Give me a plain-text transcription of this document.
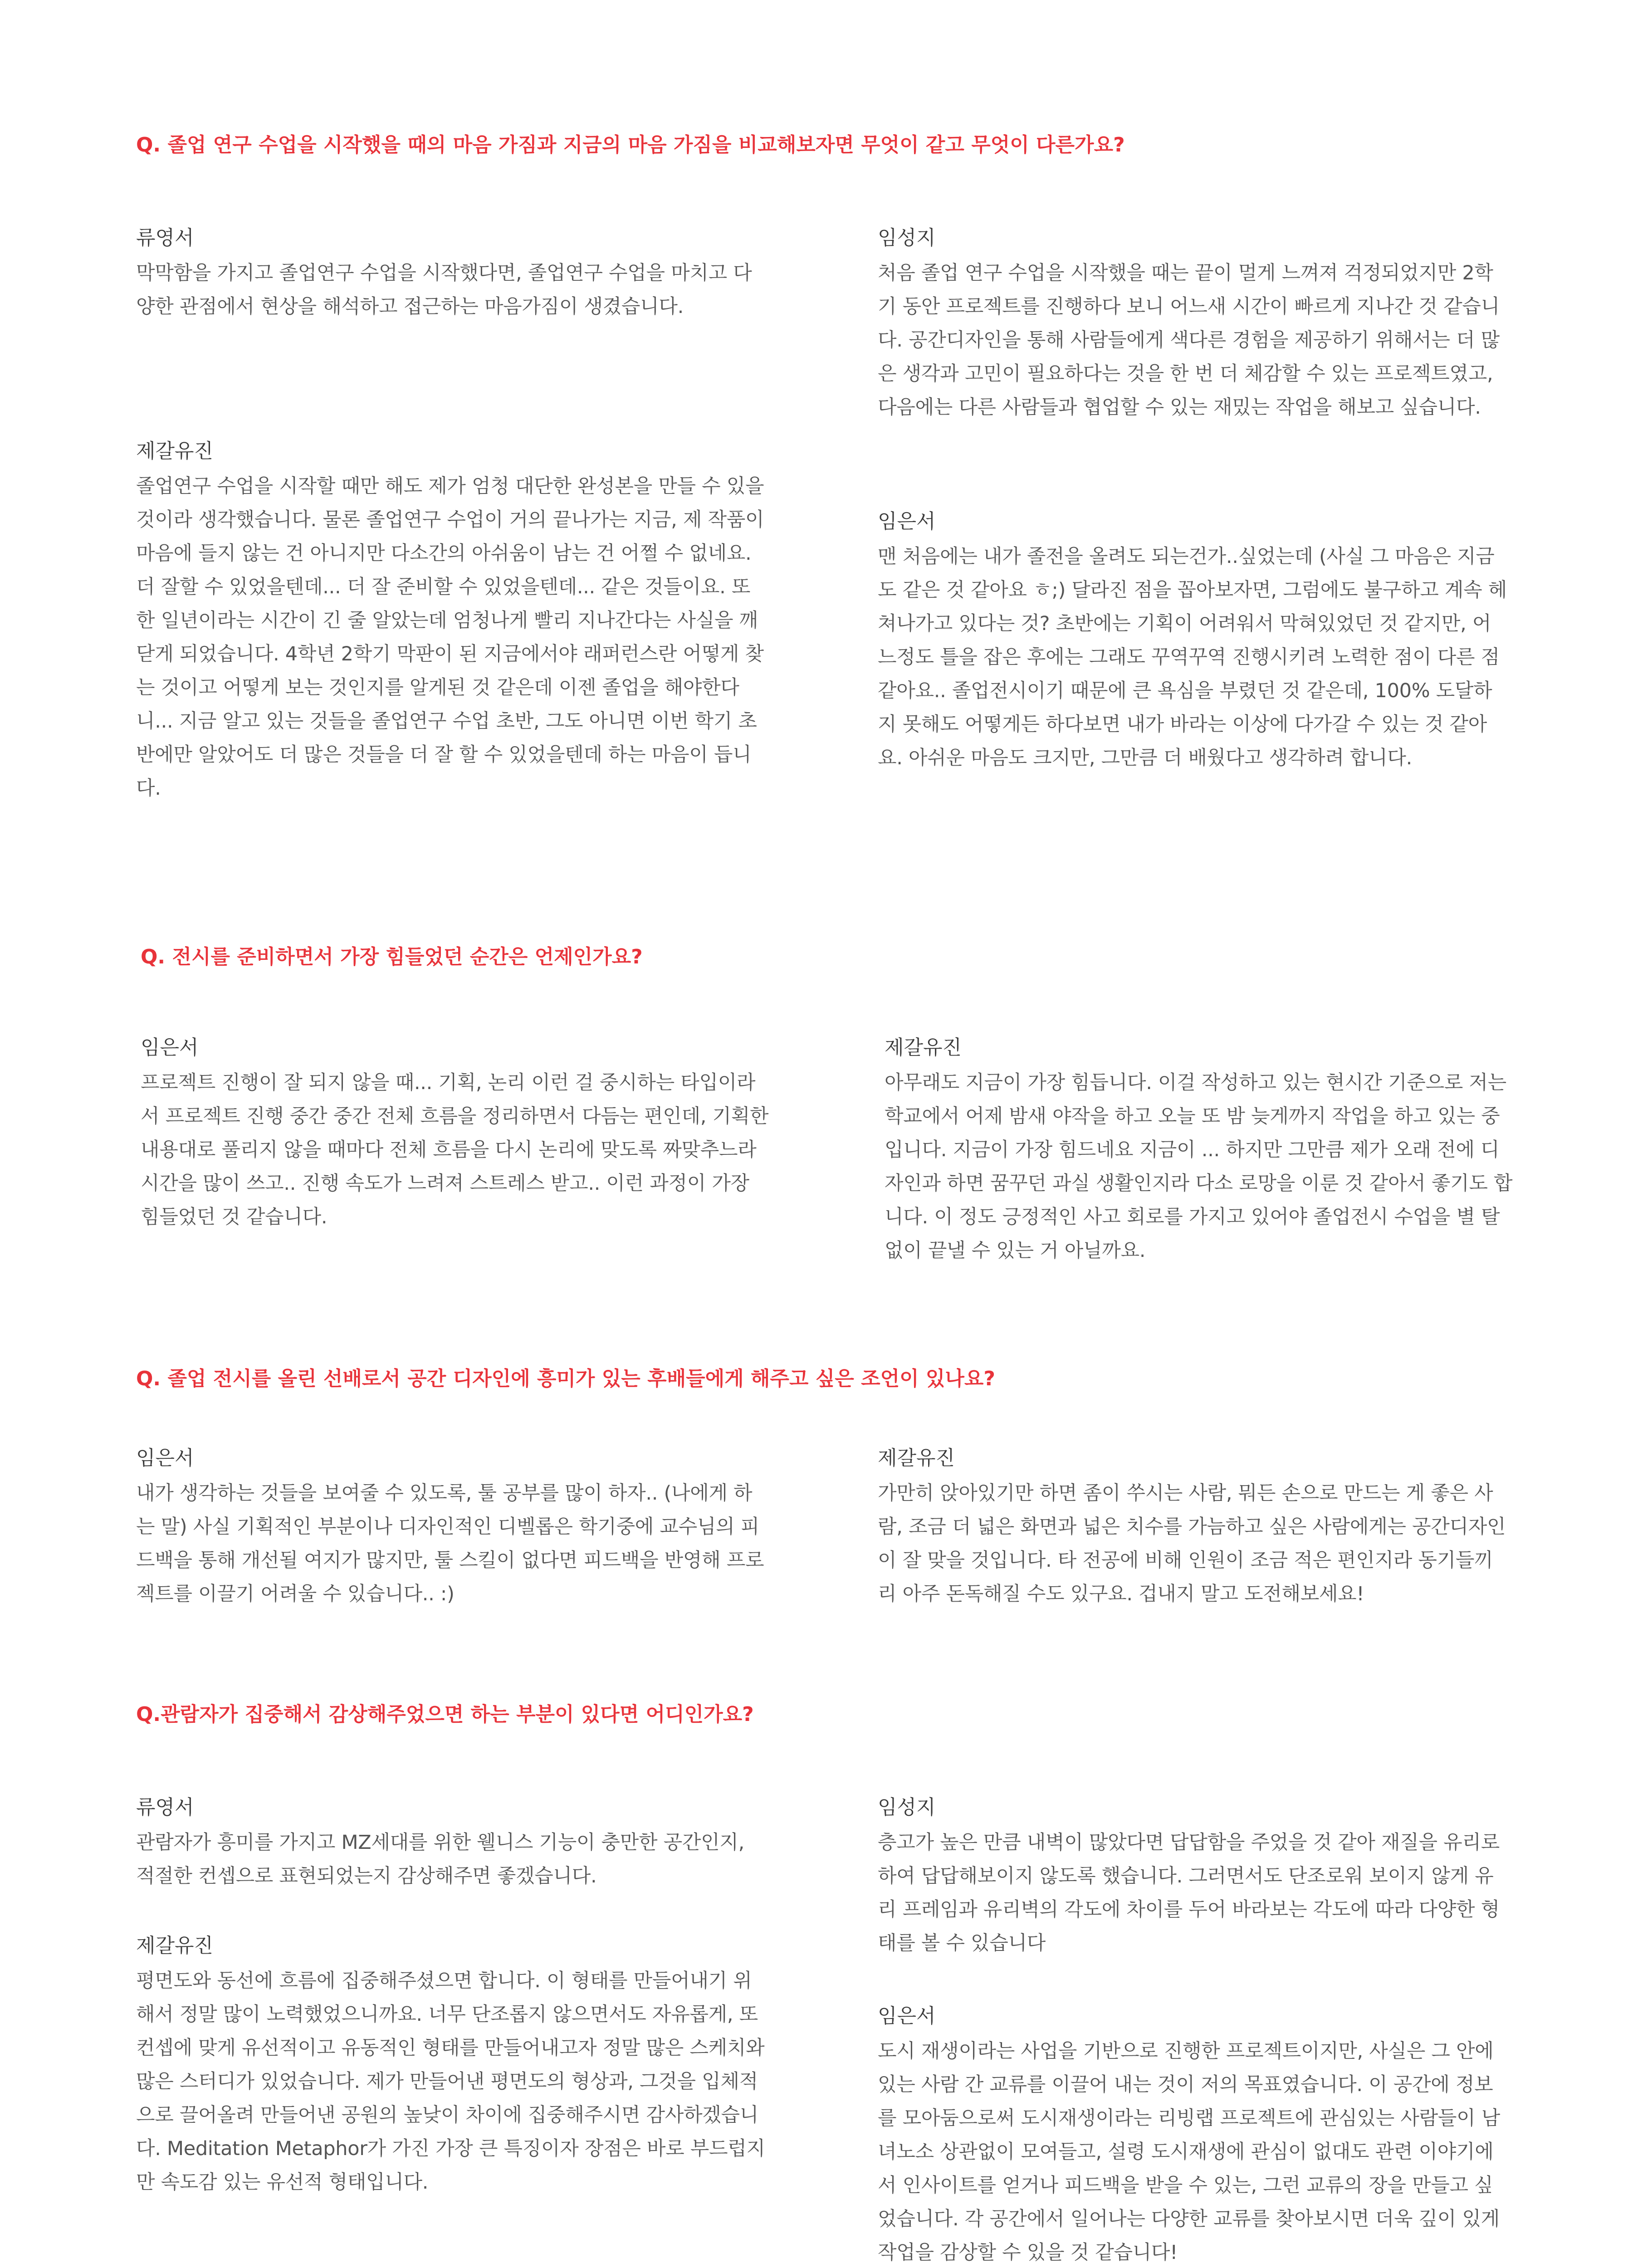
Q. 졸업 연구 수업을 시작했을 때의 마음 가짐과 지금의 마음 가짐을 비교해보자면 무엇이 같고 무엇이 다른가요?

류영서

막막함을 가지고 졸업연구 수업을 시작했다면, 졸업연구 수업을 마치고 다양한 관점에서 현상을 해석하고 접근하는 마음가짐이 생겼습니다.

임성지

처음 졸업 연구 수업을 시작했을 때는 끝이 멀게 느껴져 걱정되었지만 2학기 동안 프로젝트를 진행하다 보니 어느새 시간이 빠르게 지나간 것 같습니다. 공간디자인을 통해 사람들에게 색다른 경험을 제공하기 위해서는 더 많은 생각과 고민이 필요하다는 것을 한 번 더 체감할 수 있는 프로젝트였고, 다음에는 다른 사람들과 협업할 수 있는 재밌는 작업을 해보고 싶습니다.

제갈유진

졸업연구 수업을 시작할 때만 해도 제가 엄청 대단한 완성본을 만들 수 있을 것이라 생각했습니다. 물론 졸업연구 수업이 거의 끝나가는 지금, 제 작품이 마음에 들지 않는 건 아니지만 다소간의 아쉬움이 남는 건 어쩔 수 없네요. 더 잘할 수 있었을텐데... 더 잘 준비할 수 있었을텐데... 같은 것들이요. 또한 일년이라는 시간이 긴 줄 알았는데 엄청나게 빨리 지나간다는 사실을 깨닫게 되었습니다. 4학년 2학기 막판이 된 지금에서야 래퍼런스란 어떻게 찾는 것이고 어떻게 보는 것인지를 알게된 것 같은데 이젠 졸업을 해야한다니... 지금 알고 있는 것들을 졸업연구 수업 초반, 그도 아니면 이번 학기 초반에만 알았어도 더 많은 것들을 더 잘 할 수 있었을텐데 하는 마음이 듭니다.

임은서

맨 처음에는 내가 졸전을 올려도 되는건가..싶었는데 (사실 그 마음은 지금도 같은 것 같아요 ㅎ;) 달라진 점을 꼽아보자면, 그럼에도 불구하고 계속 헤쳐나가고 있다는 것? 초반에는 기획이 어려워서 막혀있었던 것 같지만, 어느정도 틀을 잡은 후에는 그래도 꾸역꾸역 진행시키려 노력한 점이 다른 점 같아요.. 졸업전시이기 때문에 큰 욕심을 부렸던 것 같은데, 100% 도달하지 못해도 어떻게든 하다보면 내가 바라는 이상에 다가갈 수 있는 것 같아요. 아쉬운 마음도 크지만, 그만큼 더 배웠다고 생각하려 합니다.

Q. 전시를 준비하면서 가장 힘들었던 순간은 언제인가요?

임은서

프로젝트 진행이 잘 되지 않을 때... 기획, 논리 이런 걸 중시하는 타입이라서 프로젝트 진행 중간 중간 전체 흐름을 정리하면서 다듬는 편인데, 기획한 내용대로 풀리지 않을 때마다 전체 흐름을 다시 논리에 맞도록 짜맞추느라 시간을 많이 쓰고.. 진행 속도가 느려져 스트레스 받고.. 이런 과정이 가장 힘들었던 것 같습니다.

제갈유진

아무래도 지금이 가장 힘듭니다. 이걸 작성하고 있는 현시간 기준으로 저는 학교에서 어제 밤새 야작을 하고 오늘 또 밤 늦게까지 작업을 하고 있는 중입니다. 지금이 가장 힘드네요 지금이 ... 하지만 그만큼 제가 오래 전에 디자인과 하면 꿈꾸던 과실 생활인지라 다소 로망을 이룬 것 같아서 좋기도 합니다. 이 정도 긍정적인 사고 회로를 가지고 있어야 졸업전시 수업을 별 탈 없이 끝낼 수 있는 거 아닐까요.

Q. 졸업 전시를 올린 선배로서 공간 디자인에 흥미가 있는 후배들에게 해주고 싶은 조언이 있나요?

임은서

내가 생각하는 것들을 보여줄 수 있도록, 툴 공부를 많이 하자.. (나에게 하는 말) 사실 기획적인 부분이나 디자인적인 디벨롭은 학기중에 교수님의 피드백을 통해 개선될 여지가 많지만, 툴 스킬이 없다면 피드백을 반영해 프로젝트를 이끌기 어려울 수 있습니다.. :)

제갈유진

가만히 앉아있기만 하면 좀이 쑤시는 사람, 뭐든 손으로 만드는 게 좋은 사람, 조금 더 넓은 화면과 넓은 치수를 가늠하고 싶은 사람에게는 공간디자인이 잘 맞을 것입니다. 타 전공에 비해 인원이 조금 적은 편인지라 동기들끼리 아주 돈독해질 수도 있구요. 겁내지 말고 도전해보세요!

Q.관람자가 집중해서 감상해주었으면 하는 부분이 있다면 어디인가요?

류영서

관람자가 흥미를 가지고 MZ세대를 위한 웰니스 기능이 충만한 공간인지, 적절한 컨셉으로 표현되었는지 감상해주면 좋겠습니다.

임성지

층고가 높은 만큼 내벽이 많았다면 답답함을 주었을 것 같아 재질을 유리로 하여 답답해보이지 않도록 했습니다. 그러면서도 단조로워 보이지 않게 유리 프레임과 유리벽의 각도에 차이를 두어 바라보는 각도에 따라 다양한 형태를 볼 수 있습니다

제갈유진

평면도와 동선에 흐름에 집중해주셨으면 합니다. 이 형태를 만들어내기 위해서 정말 많이 노력했었으니까요. 너무 단조롭지 않으면서도 자유롭게, 또 컨셉에 맞게 유선적이고 유동적인 형태를 만들어내고자 정말 많은 스케치와 많은 스터디가 있었습니다. 제가 만들어낸 평면도의 형상과, 그것을 입체적으로 끌어올려 만들어낸 공원의 높낮이 차이에 집중해주시면 감사하겠습니다. Meditation Metaphor가 가진 가장 큰 특징이자 장점은 바로 부드럽지만 속도감 있는 유선적 형태입니다.

임은서

도시 재생이라는 사업을 기반으로 진행한 프로젝트이지만, 사실은 그 안에 있는 사람 간 교류를 이끌어 내는 것이 저의 목표였습니다. 이 공간에 정보를 모아둠으로써 도시재생이라는 리빙랩 프로젝트에 관심있는 사람들이 남녀노소 상관없이 모여들고, 설령 도시재생에 관심이 없대도 관련 이야기에서 인사이트를 얻거나 피드백을 받을 수 있는, 그런 교류의 장을 만들고 싶었습니다. 각 공간에서 일어나는 다양한 교류를 찾아보시면 더욱 깊이 있게 작업을 감상할 수 있을 것 같습니다!
